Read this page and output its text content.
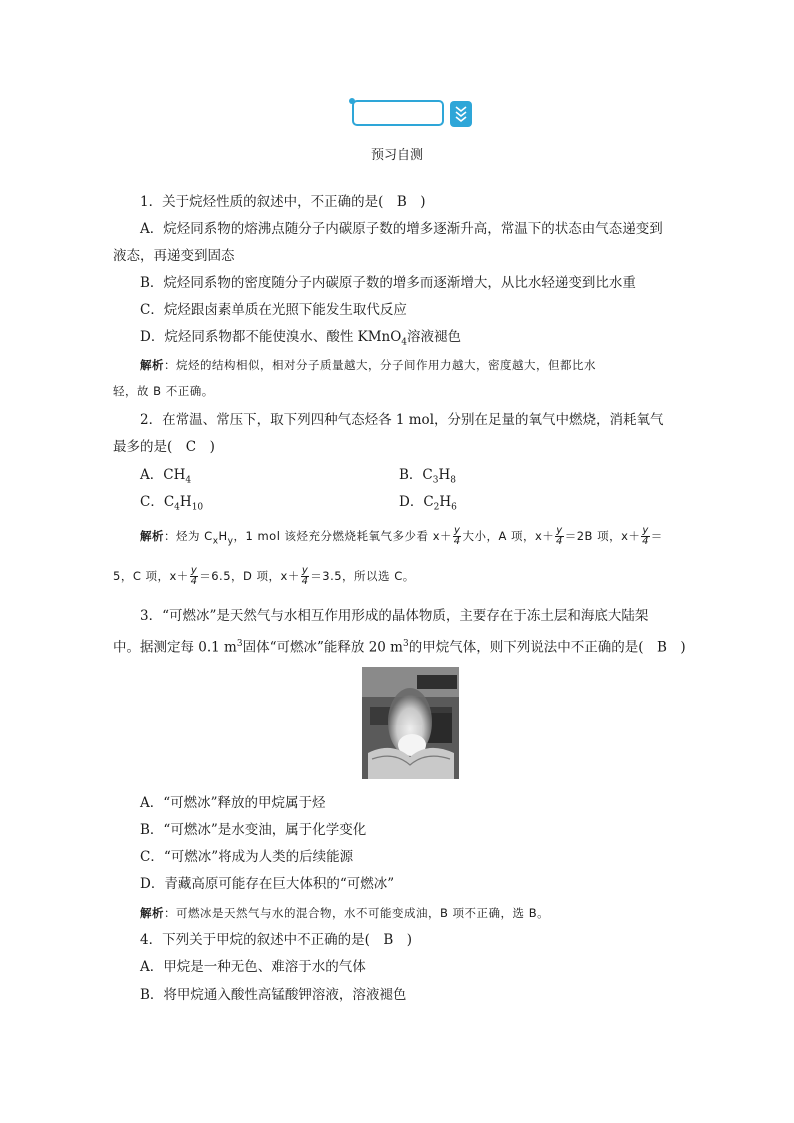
预习自测
1．关于烷烃性质的叙述中，不正确的是(　B　)
A．烷烃同系物的熔沸点随分子内碳原子数的增多逐渐升高，常温下的状态由气态递变到
液态，再递变到固态
B．烷烃同系物的密度随分子内碳原子数的增多而逐渐增大，从比水轻递变到比水重
C．烷烃跟卤素单质在光照下能发生取代反应
D．烷烃同系物都不能使溴水、酸性 KMnO$_4$溶液褪色
解析：烷烃的结构相似，相对分子质量越大，分子间作用力越大，密度越大，但都比水
轻，故 B 不正确。
2．在常温、常压下，取下列四种气态烃各 1 mol，分别在足量的氧气中燃烧，消耗氧气
最多的是(　C　)
A．$CH_4$	B．$C_3H_8$
C．$C_4H_{10}$	D．$C_2H_6$
解析：烃为 $C_xH_y$，1 mol 该烃充分燃烧耗氧气多少看 $x+ \frac{y}{4}$ 大小，A 项，$x+ \frac{y}{4} =2B$ 项，$x+ \frac{y}{4}$ ＝
5，C 项，$x+ \frac{y}{4} =6.5$，D 项，$x+ \frac{y}{4} =3.5$，所以选 C。
3．“可燃冰”是天然气与水相互作用形成的晶体物质，主要存在于冻土层和海底大陆架
中。据测定每 0.1 $m^3$固体“可燃冰”能释放 20 $m^3$的甲烷气体，则下列说法中不正确的是(　B　)
A．“可燃冰”释放的甲烷属于烃
B．“可燃冰”是水变油，属于化学变化
C．“可燃冰”将成为人类的后续能源
D．青藏高原可能存在巨大体积的“可燃冰”
解析：可燃冰是天然气与水的混合物，水不可能变成油，B 项不正确，选 B。
4．下列关于甲烷的叙述中不正确的是(　B　)
A．甲烷是一种无色、难溶于水的气体
B．将甲烷通入酸性高锰酸钾溶液，溶液褪色
